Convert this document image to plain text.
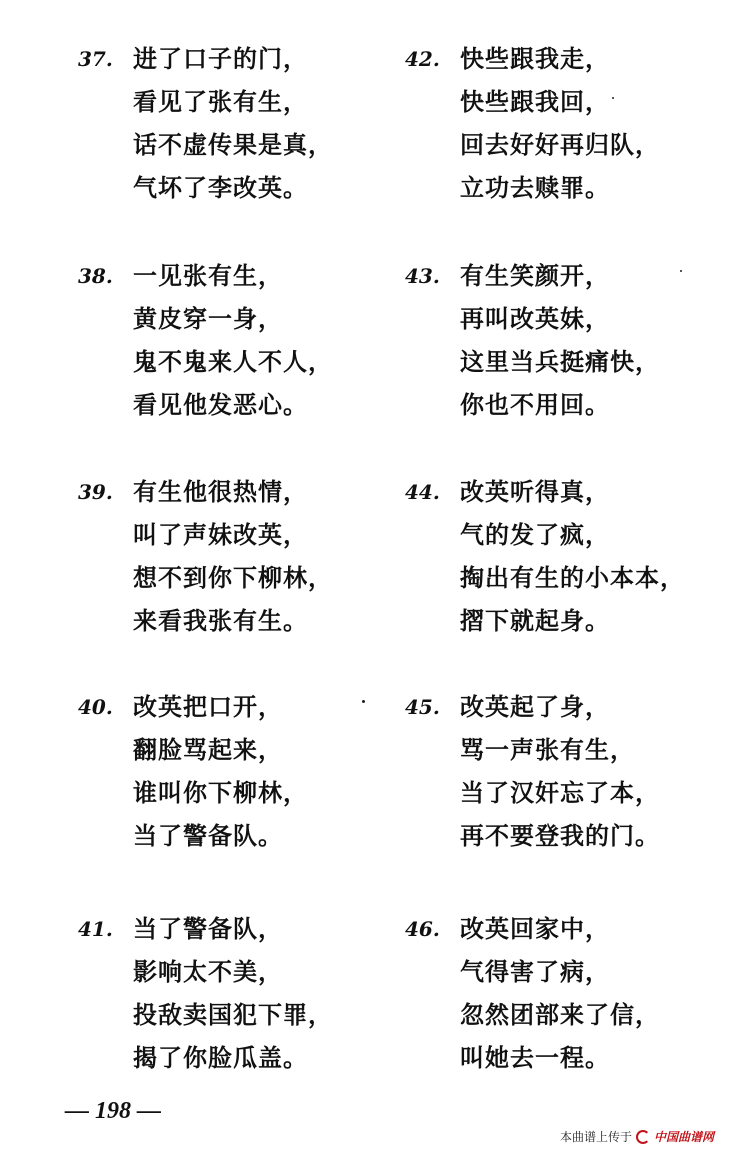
37. 进了口子的门，
看见了张有生，
话不虚传果是真，
气坏了李改英。
38. 一见张有生，
黄皮穿一身，
鬼不鬼来人不人，
看见他发恶心。
39. 有生他很热情，
叫了声妹改英，
想不到你下柳林，
来看我张有生。
40. 改英把口开，
翻脸骂起来，
谁叫你下柳林，
当了警备队。
41. 当了警备队，
影响太不美，
投敌卖国犯下罪，
揭了你脸瓜盖。
42. 快些跟我走，
快些跟我回，
回去好好再归队，
立功去赎罪。
43. 有生笑颜开，
再叫改英妹，
这里当兵挺痛快，
你也不用回。
44. 改英听得真，
气的发了疯，
掏出有生的小本本，
摺下就起身。
45. 改英起了身，
骂一声张有生，
当了汉奸忘了本，
再不要登我的门。
46. 改英回家中，
气得害了病，
忽然团部来了信，
叫她去一程。
— 198 —
本曲谱上传于 中国曲谱网
